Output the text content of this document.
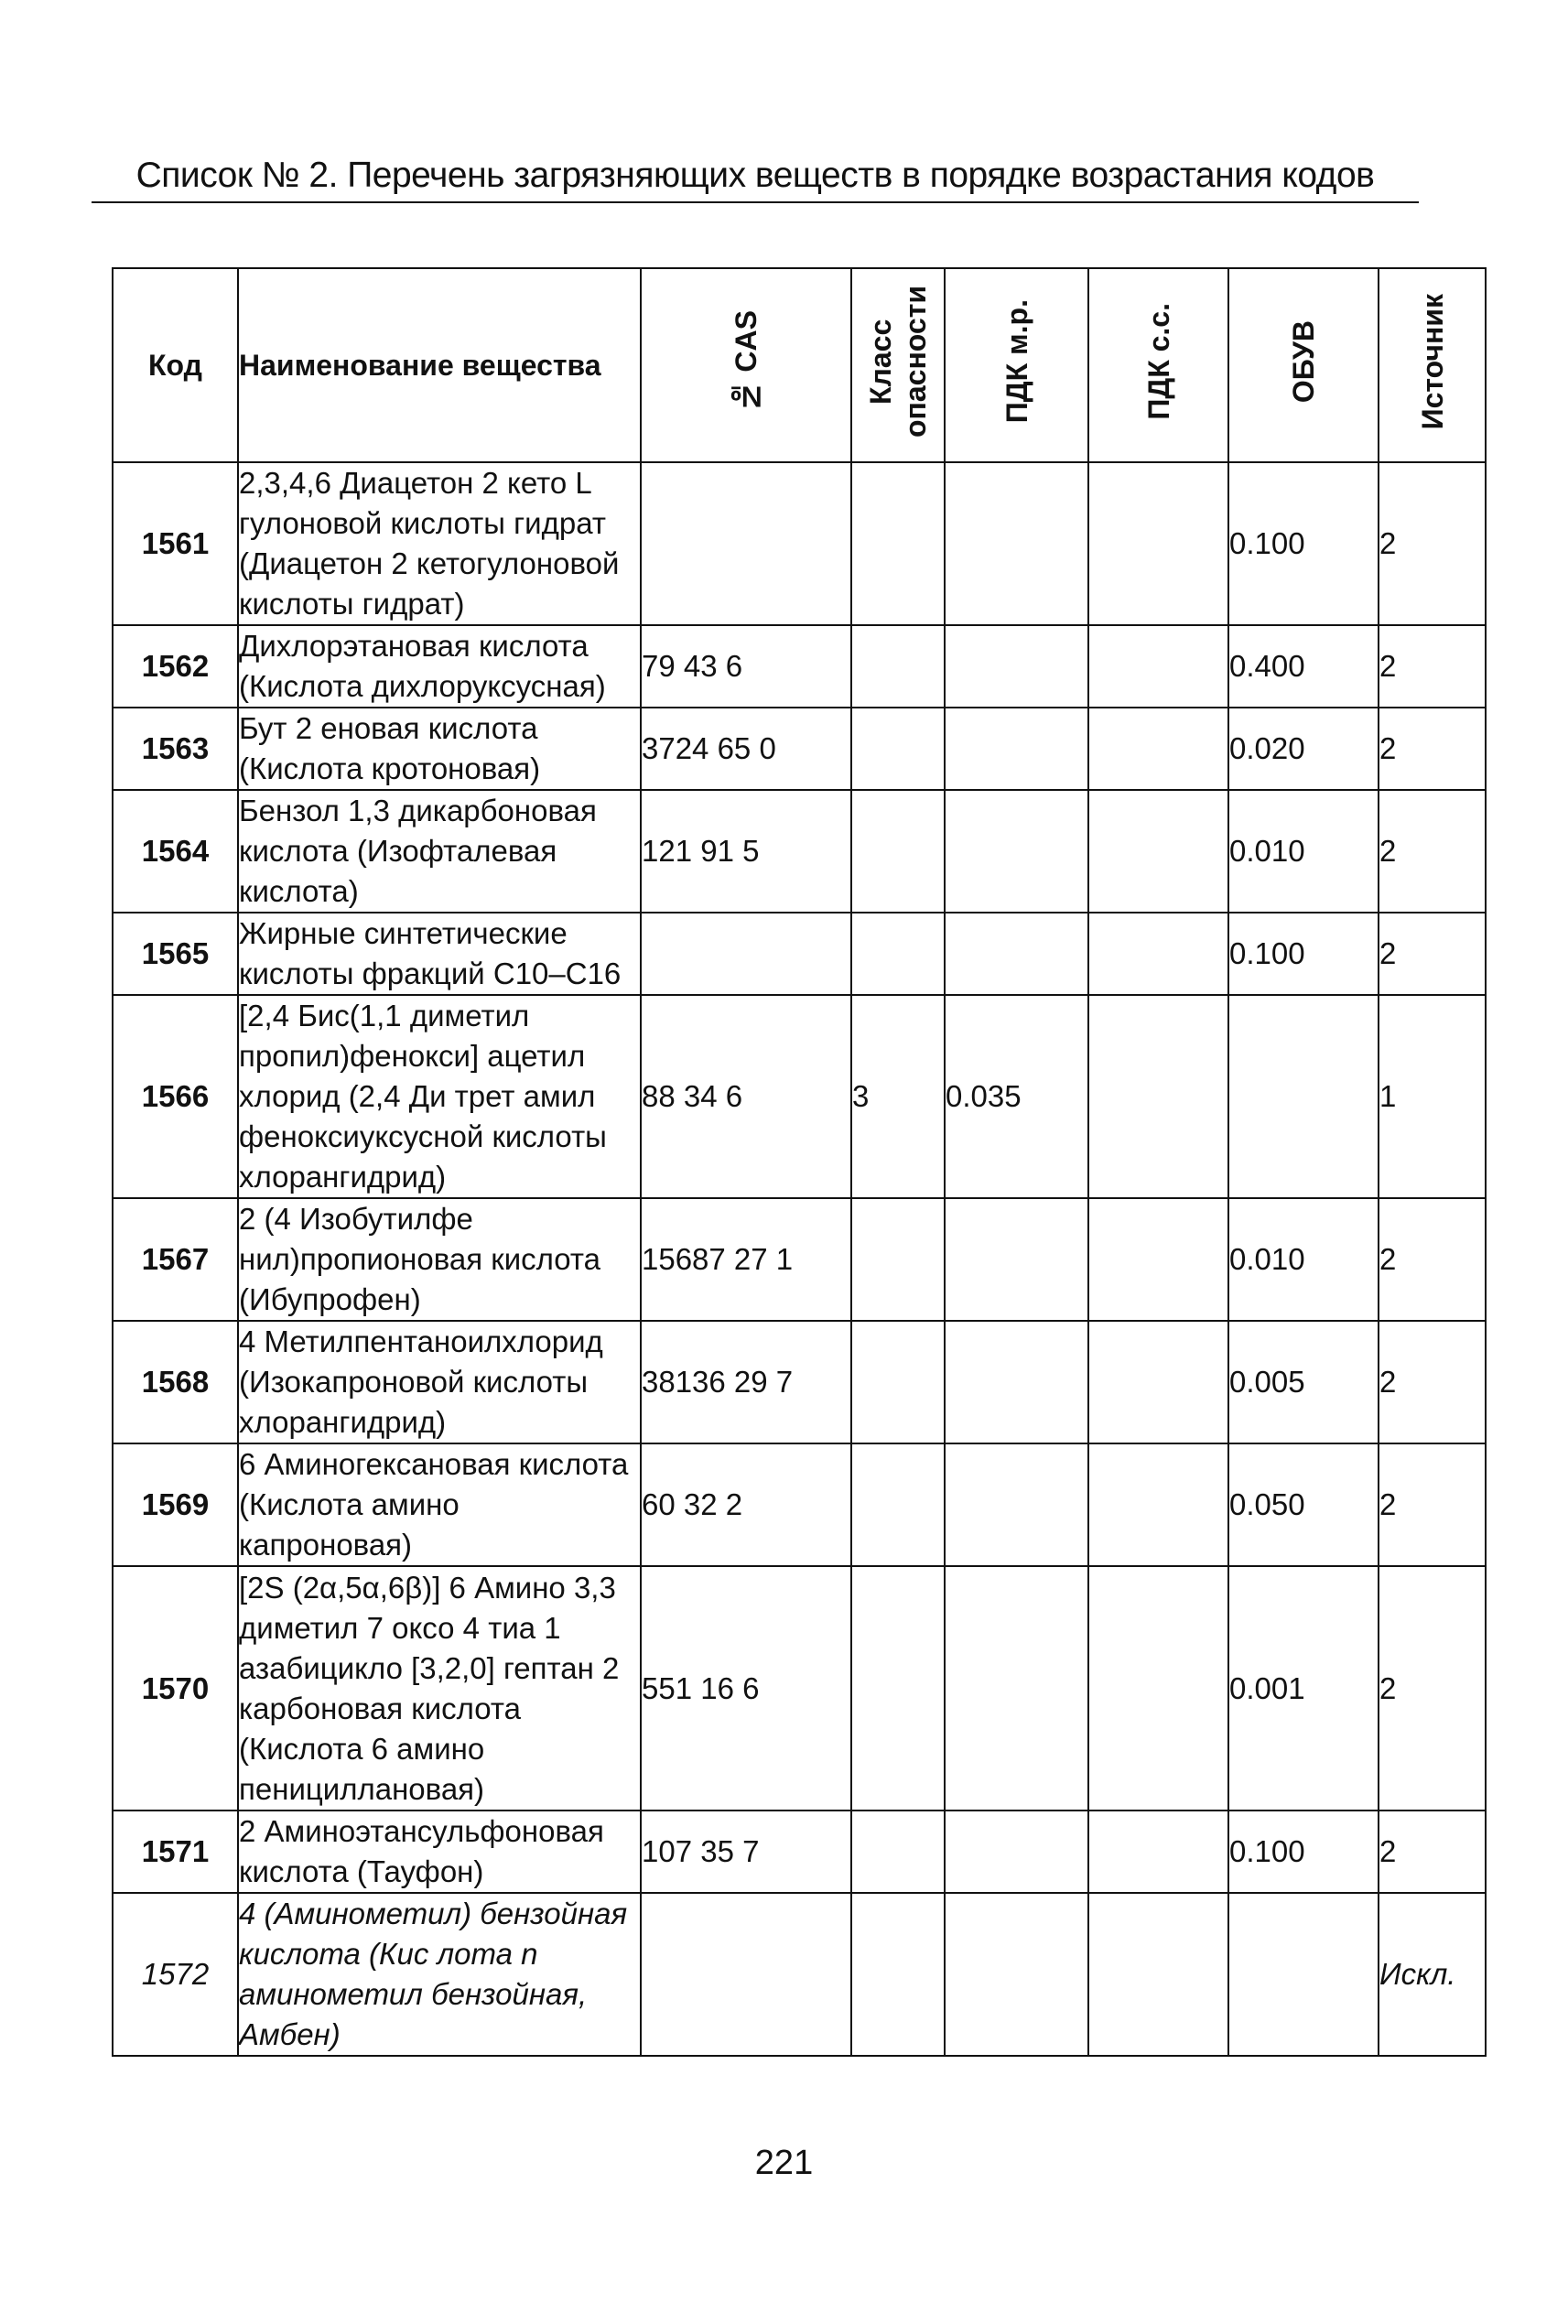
Список № 2. Перечень загрязняющих веществ в порядке возрастания кодов
Код	Наименование вещества	№ CAS	Класс опасности	ПДК м.р.	ПДК с.с.	ОБУВ	Источник
1561	2,3,4,6 Диацетон 2 кето L гулоновой кислоты гидрат (Диацетон 2 кетогулоновой кислоты гидрат)					0.100	2
1562	Дихлорэтановая кислота (Кислота дихлоруксусная)	79 43 6				0.400	2
1563	Бут 2 еновая кислота (Кислота кротоновая)	3724 65 0				0.020	2
1564	Бензол 1,3 дикарбоновая кислота (Изофталевая кислота)	121 91 5				0.010	2
1565	Жирные синтетические кислоты фракций C10–C16					0.100	2
1566	[2,4 Бис(1,1 диметил пропил)фенокси] ацетил хлорид (2,4 Ди трет амил феноксиуксусной кислоты хлорангидрид)	88 34 6	3	0.035			1
1567	2 (4 Изобутилфе нил)пропионовая кислота (Ибупрофен)	15687 27 1				0.010	2
1568	4 Метилпентаноилхлорид (Изокапроновой кислоты хлорангидрид)	38136 29 7				0.005	2
1569	6 Аминогексановая кислота (Кислота амино капроновая)	60 32 2				0.050	2
1570	[2S (2α,5α,6β)] 6 Амино 3,3 диметил 7 оксо 4 тиа 1 азабицикло [3,2,0] гептан 2 карбоновая кислота (Кислота 6 амино пенициллановая)	551 16 6				0.001	2
1571	2 Аминоэтансульфоновая кислота (Тауфон)	107 35 7				0.100	2
1572	4 (Аминометил) бензойная кислота (Кис лота n аминометил бензойная, Амбен)						Искл.
221
